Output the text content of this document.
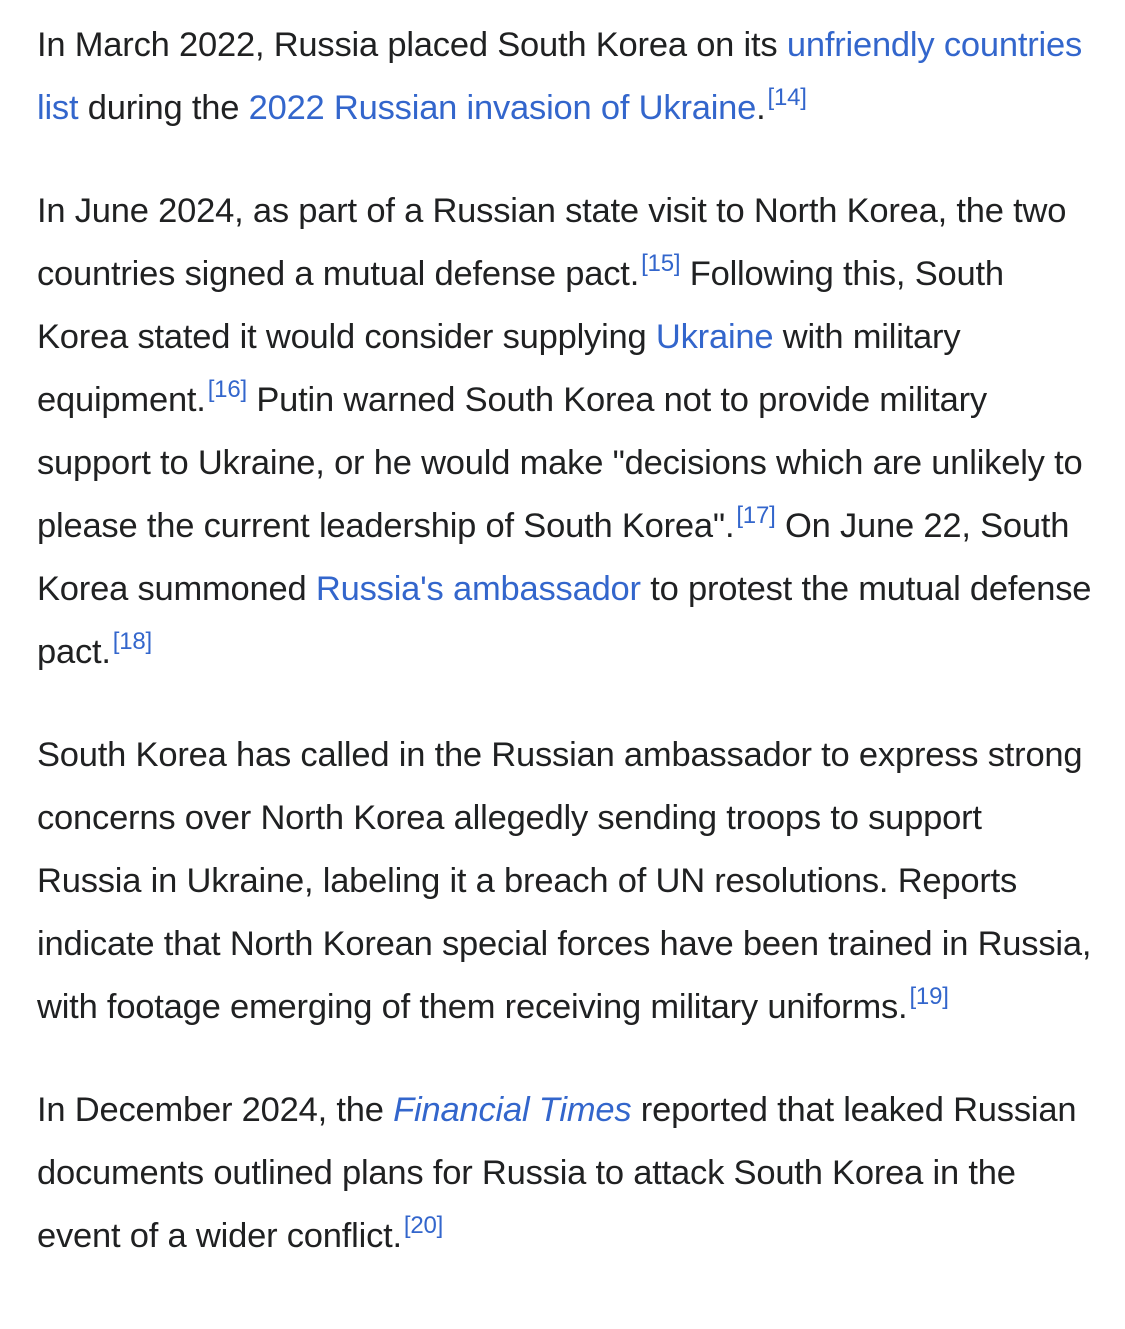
In March 2022, Russia placed South Korea on its unfriendly countries list during the 2022 Russian invasion of Ukraine.[14]

In June 2024, as part of a Russian state visit to North Korea, the two countries signed a mutual defense pact.[15] Following this, South Korea stated it would consider supplying Ukraine with military equipment.[16] Putin warned South Korea not to provide military support to Ukraine, or he would make "decisions which are unlikely to please the current leadership of South Korea".[17] On June 22, South Korea summoned Russia's ambassador to protest the mutual defense pact.[18]

South Korea has called in the Russian ambassador to express strong concerns over North Korea allegedly sending troops to support Russia in Ukraine, labeling it a breach of UN resolutions. Reports indicate that North Korean special forces have been trained in Russia, with footage emerging of them receiving military uniforms.[19]

In December 2024, the Financial Times reported that leaked Russian documents outlined plans for Russia to attack South Korea in the event of a wider conflict.[20]
